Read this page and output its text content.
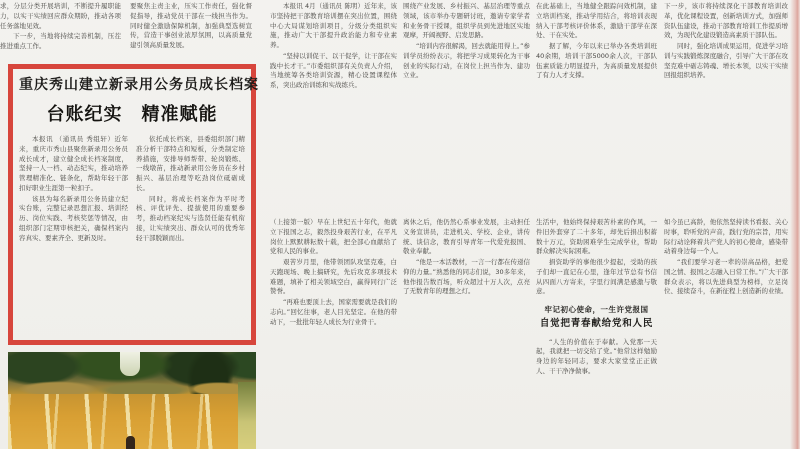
求，分层分类开展培训，不断提升履职能力，以实干实绩回应群众期盼，推动各项任务落地见效。

下一步，当地将持续完善机制，压茬推进重点工作。

要聚焦主责主业，压实工作责任，强化督促指导，推动党员干部在一线担当作为。同时健全激励保障机制，加强典型选树宣传，营造干事创业浓厚氛围，以高质量党建引领高质量发展。

重庆秀山建立新录用公务员成长档案
台账纪实　精准赋能

本报讯 （通讯员 秀组轩）近年来，重庆市秀山县聚焦新录用公务员成长成才，建立健全成长档案制度，坚持一人一档、动态纪实，推动培养管理精准化、链条化，帮助年轻干部扣好职业生涯第一粒扣子。

该县为每名新录用公务员建立纪实台账，完整记录思想汇报、培训经历、岗位实践、考核奖惩等情况，由组织部门定期审核把关，确保档案内容真实、要素齐全、更新及时。

依托成长档案，县委组织部门精准分析干部特点和短板，分类制定培养措施，安排导师帮带、轮岗锻炼、一线墩苗，推动新录用公务员在乡村振兴、基层治理等吃劲岗位砥砺成长。

同时，将成长档案作为平时考核、评优评先、提拔使用的重要参考，推动档案纪实与选贤任能有机衔接，让实绩突出、群众认可的优秀年轻干部脱颖而出。

本报讯 4月（通讯员 陈明）近年来，该市坚持把干部教育培训摆在突出位置，围绕中心大局谋划培训项目，分级分类组织实施，推动广大干部提升政治能力和专业素养。

“坚持以训促干、以干促学，让干部在实践中长才干。”市委组织部有关负责人介绍，当地统筹各类培训资源，精心设置课程体系，突出政治训练和实战练兵。

围绕产业发展、乡村振兴、基层治理等重点领域，该市举办专题研讨班，邀请专家学者和业务骨干授课，组织学员到先进地区实地观摩，开阔视野、启发思路。

“培训内容很解渴，回去就能用得上。”参训学员纷纷表示，将把学习成果转化为干事创业的实际行动，在岗位上担当作为、建功立业。

在此基础上，当地健全跟踪问效机制，建立培训档案，推动学用结合，将培训表现纳入干部考核评价体系，激励干部学在深处、干在实处。

据了解，今年以来已举办各类培训班40余期，培训干部5000余人次，干部队伍素质能力明显提升，为高质量发展提供了有力人才支撑。

下一步，该市将持续深化干部教育培训改革，优化课程设置，创新培训方式，加强师资队伍建设，推动干部教育培训工作提质增效，为现代化建设锻造高素质干部队伍。

同时，强化培训成果运用，促进学习培训与实践锻炼深度融合，引导广大干部在攻坚克难中砺志铸魂、增长本领，以实干实绩回报组织培养。

（上接第一版）早在上世纪五十年代，他就立下报国之志，毅然投身艰苦行业，在平凡岗位上默默耕耘数十载，把全部心血献给了党和人民的事业。

艰苦岁月里，他带领团队攻坚克难，白天跑现场、晚上搞研究，先后攻克多项技术难题，填补了相关领域空白，赢得同行广泛赞誉。

“再难也要顶上去，国家需要就是我们的志向。”回忆往事，老人目光坚定。在他的带动下，一批批年轻人成长为行业骨干。

离休之后，他仍然心系事业发展，主动担任义务宣讲员，走进机关、学校、企业，讲传统、谈信念，教育引导青年一代爱党报国、敬业奉献。

“他是一本活教材，一言一行都在传递信仰的力量。”熟悉他的同志们说，30多年来，他作报告数百场，听众超过十万人次，点亮了无数青年的理想之灯。

生活中，他始终保持艰苦朴素的作风，一件旧外套穿了二十多年，却先后捐出积蓄数十万元，资助困难学生完成学业，帮助群众解决实际困难。

捐资助学的事他很少提起，受助的孩子们却一直记在心里，逢年过节总有书信从四面八方寄来，字里行间满是感激与敬意。

牢记初心使命，一生许党报国
自觉把青春献给党和人民

“人生的价值在于奉献。入党那一天起，我就把一切交给了党。”他常这样勉励身边的年轻同志，要求大家堂堂正正做人、干干净净做事。

如今虽已高龄，他依然坚持读书看报、关心时事，聆听党的声音，践行党的宗旨，用实际行动诠释着共产党人的初心使命，感染带动着身边每一个人。

“我们要学习老一辈的崇高品格，把爱国之情、报国之志融入日常工作。”广大干部群众表示，将以先进典型为榜样，立足岗位、接续奋斗，在新征程上创造新的业绩。
